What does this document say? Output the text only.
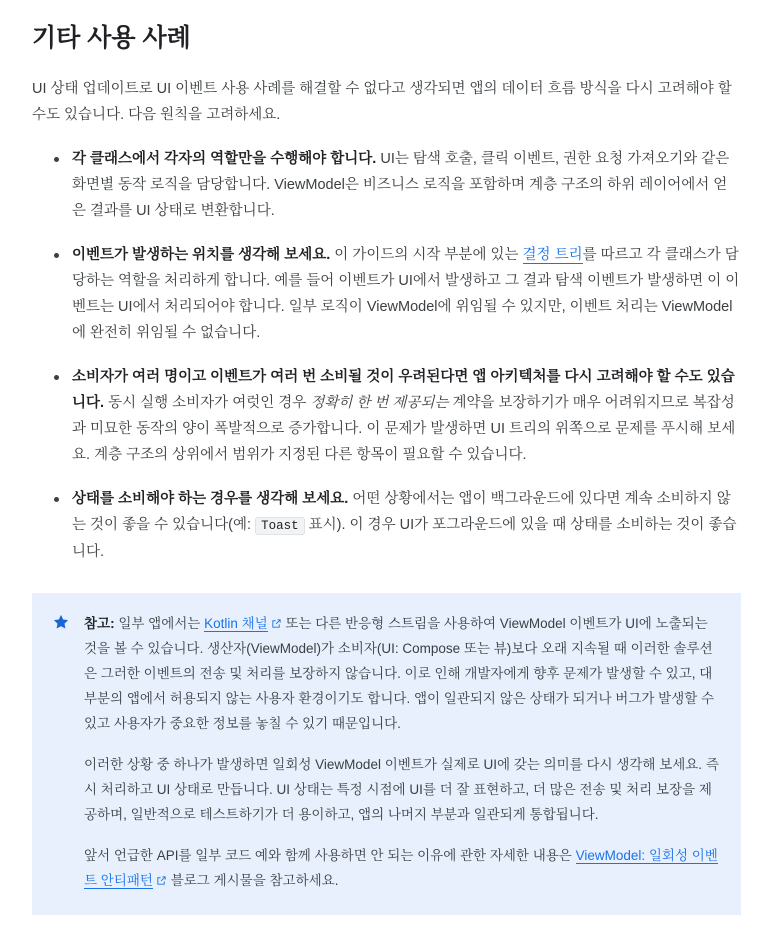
기타 사용 사례

UI 상태 업데이트로 UI 이벤트 사용 사례를 해결할 수 없다고 생각되면 앱의 데이터 흐름 방식을 다시 고려해야 할 수도 있습니다. 다음 원칙을 고려하세요.

각 클래스에서 각자의 역할만을 수행해야 합니다. UI는 탐색 호출, 클릭 이벤트, 권한 요청 가져오기와 같은 화면별 동작 로직을 담당합니다. ViewModel은 비즈니스 로직을 포함하며 계층 구조의 하위 레이어에서 얻은 결과를 UI 상태로 변환합니다.
이벤트가 발생하는 위치를 생각해 보세요. 이 가이드의 시작 부분에 있는 결정 트리를 따르고 각 클래스가 담당하는 역할을 처리하게 합니다. 예를 들어 이벤트가 UI에서 발생하고 그 결과 탐색 이벤트가 발생하면 이 이벤트는 UI에서 처리되어야 합니다. 일부 로직이 ViewModel에 위임될 수 있지만, 이벤트 처리는 ViewModel에 완전히 위임될 수 없습니다.
소비자가 여러 명이고 이벤트가 여러 번 소비될 것이 우려된다면 앱 아키텍처를 다시 고려해야 할 수도 있습니다. 동시 실행 소비자가 여럿인 경우 정확히 한 번 제공되는 계약을 보장하기가 매우 어려워지므로 복잡성과 미묘한 동작의 양이 폭발적으로 증가합니다. 이 문제가 발생하면 UI 트리의 위쪽으로 문제를 푸시해 보세요. 계층 구조의 상위에서 범위가 지정된 다른 항목이 필요할 수 있습니다.
상태를 소비해야 하는 경우를 생각해 보세요. 어떤 상황에서는 앱이 백그라운드에 있다면 계속 소비하지 않는 것이 좋을 수 있습니다(예: Toast 표시). 이 경우 UI가 포그라운드에 있을 때 상태를 소비하는 것이 좋습니다.

참고: 일부 앱에서는 Kotlin 채널 또는 다른 반응형 스트림을 사용하여 ViewModel 이벤트가 UI에 노출되는 것을 볼 수 있습니다. 생산자(ViewModel)가 소비자(UI: Compose 또는 뷰)보다 오래 지속될 때 이러한 솔루션은 그러한 이벤트의 전송 및 처리를 보장하지 않습니다. 이로 인해 개발자에게 향후 문제가 발생할 수 있고, 대부분의 앱에서 허용되지 않는 사용자 환경이기도 합니다. 앱이 일관되지 않은 상태가 되거나 버그가 발생할 수 있고 사용자가 중요한 정보를 놓칠 수 있기 때문입니다.

이러한 상황 중 하나가 발생하면 일회성 ViewModel 이벤트가 실제로 UI에 갖는 의미를 다시 생각해 보세요. 즉시 처리하고 UI 상태로 만듭니다. UI 상태는 특정 시점에 UI를 더 잘 표현하고, 더 많은 전송 및 처리 보장을 제공하며, 일반적으로 테스트하기가 더 용이하고, 앱의 나머지 부분과 일관되게 통합됩니다.

앞서 언급한 API를 일부 코드 예와 함께 사용하면 안 되는 이유에 관한 자세한 내용은 ViewModel: 일회성 이벤트 안티패턴 블로그 게시물을 참고하세요.
